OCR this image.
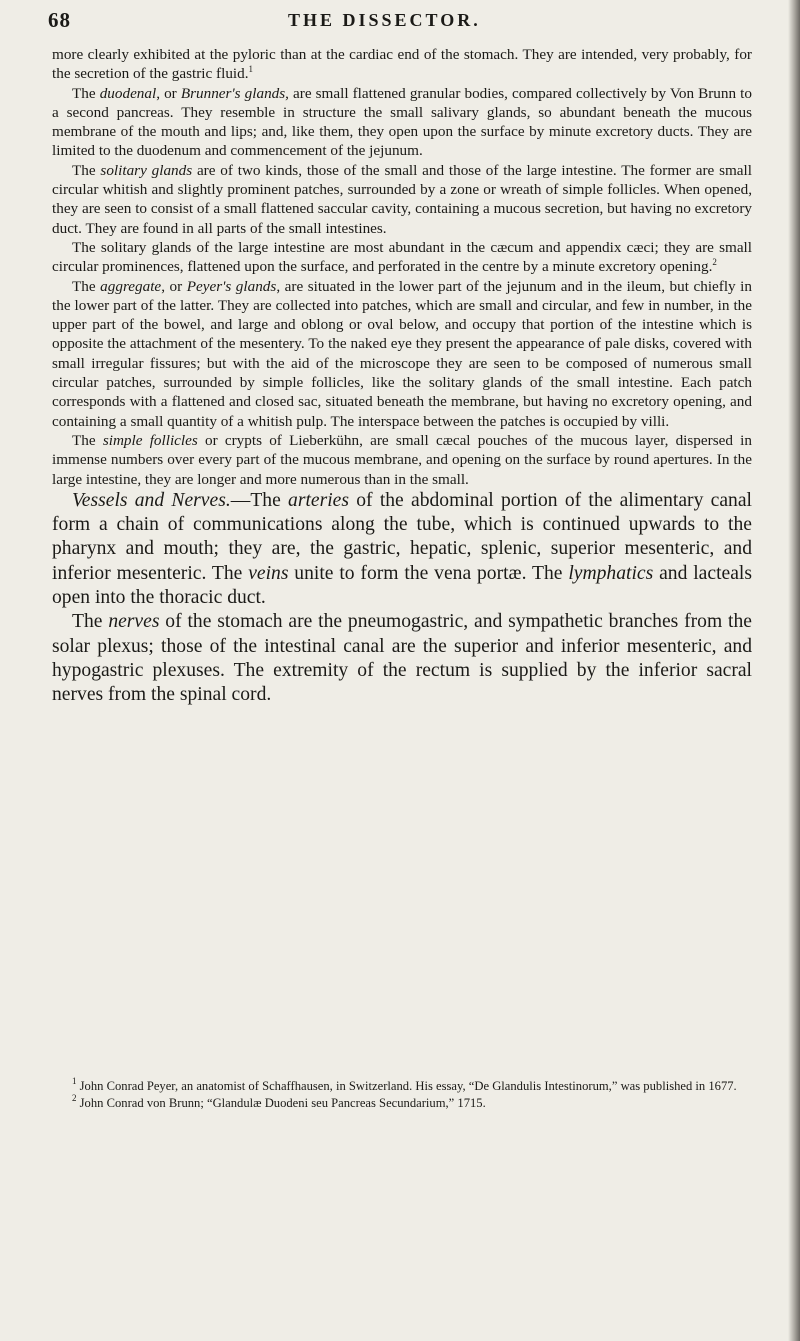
68	THE DISSECTOR.

more clearly exhibited at the pyloric than at the cardiac end of the stomach. They are intended, very probably, for the secretion of the gastric fluid.$^1$

The duodenal, or Brunner's glands, are small flattened granular bodies, compared collectively by Von Brunn to a second pancreas. They resemble in structure the small salivary glands, so abundant beneath the mucous membrane of the mouth and lips; and, like them, they open upon the surface by minute excretory ducts. They are limited to the duodenum and commencement of the jejunum.

The solitary glands are of two kinds, those of the small and those of the large intestine. The former are small circular whitish and slightly prominent patches, surrounded by a zone or wreath of simple follicles. When opened, they are seen to consist of a small flattened saccular cavity, containing a mucous secretion, but having no excretory duct. They are found in all parts of the small intestines.

The solitary glands of the large intestine are most abundant in the cæcum and appendix cæci; they are small circular prominences, flattened upon the surface, and perforated in the centre by a minute excretory opening.$^2$

The aggregate, or Peyer's glands, are situated in the lower part of the jejunum and in the ileum, but chiefly in the lower part of the latter. They are collected into patches, which are small and circular, and few in number, in the upper part of the bowel, and large and oblong or oval below, and occupy that portion of the intestine which is opposite the attachment of the mesentery. To the naked eye they present the appearance of pale disks, covered with small irregular fissures; but with the aid of the microscope they are seen to be composed of numerous small circular patches, surrounded by simple follicles, like the solitary glands of the small intestine. Each patch corresponds with a flattened and closed sac, situated beneath the membrane, but having no excretory opening, and containing a small quantity of a whitish pulp. The interspace between the patches is occupied by villi.

The simple follicles or crypts of Lieberkühn, are small cæcal pouches of the mucous layer, dispersed in immense numbers over every part of the mucous membrane, and opening on the surface by round apertures. In the large intestine, they are longer and more numerous than in the small.

Vessels and Nerves.—The arteries of the abdominal portion of the alimentary canal form a chain of communications along the tube, which is continued upwards to the pharynx and mouth; they are, the gastric, hepatic, splenic, superior mesenteric, and inferior mesenteric. The veins unite to form the vena portæ. The lymphatics and lacteals open into the thoracic duct.

The nerves of the stomach are the pneumogastric, and sympathetic branches from the solar plexus; those of the intestinal canal are the superior and inferior mesenteric, and hypogastric plexuses. The extremity of the rectum is supplied by the inferior sacral nerves from the spinal cord.

$^1$ John Conrad Peyer, an anatomist of Schaffhausen, in Switzerland. His essay, “De Glandulis Intestinorum,” was published in 1677.

$^2$ John Conrad von Brunn; “Glandulæ Duodeni seu Pancreas Secundarium,” 1715.
